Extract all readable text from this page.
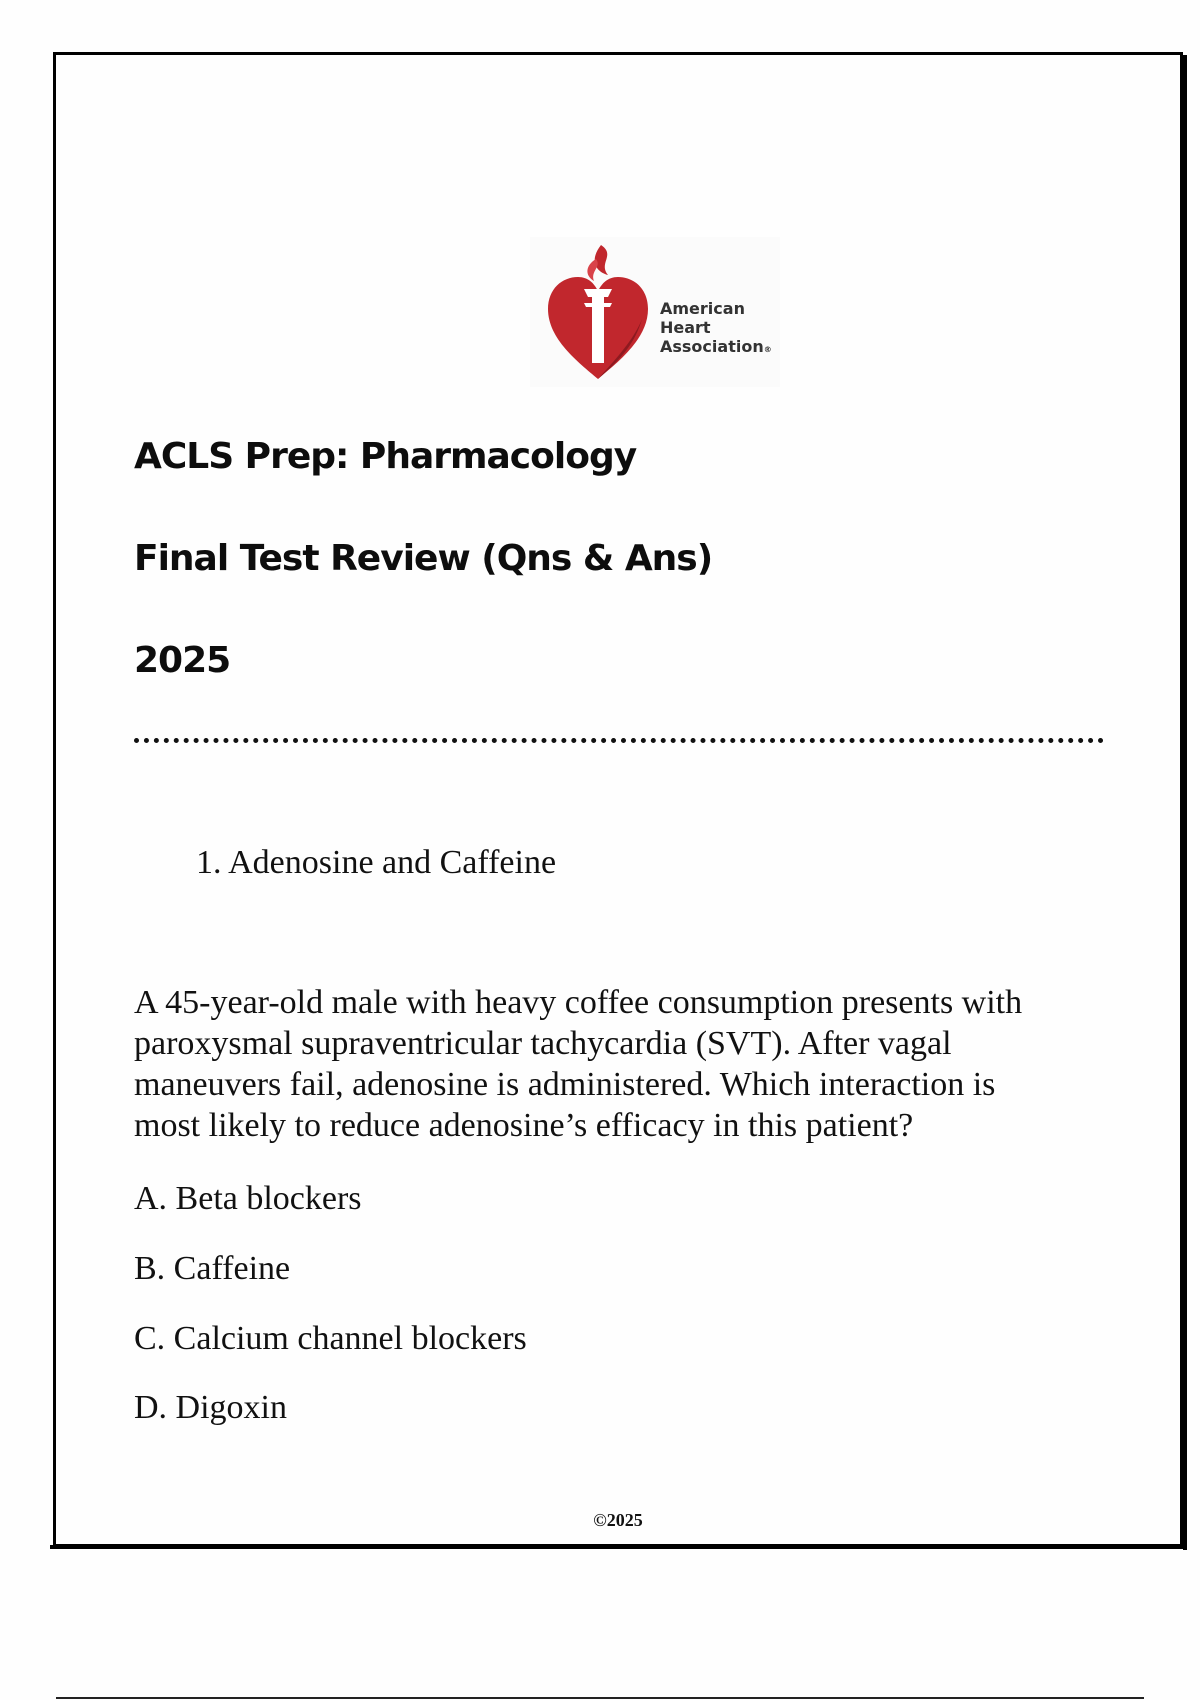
American
Heart
Association®
ACLS Prep: Pharmacology
Final Test Review (Qns & Ans)
2025
1. Adenosine and Caffeine
A 45-year-old male with heavy coffee consumption presents with
paroxysmal supraventricular tachycardia (SVT). After vagal
maneuvers fail, adenosine is administered. Which interaction is
most likely to reduce adenosine’s efficacy in this patient?
A. Beta blockers
B. Caffeine
C. Calcium channel blockers
D. Digoxin
©2025
